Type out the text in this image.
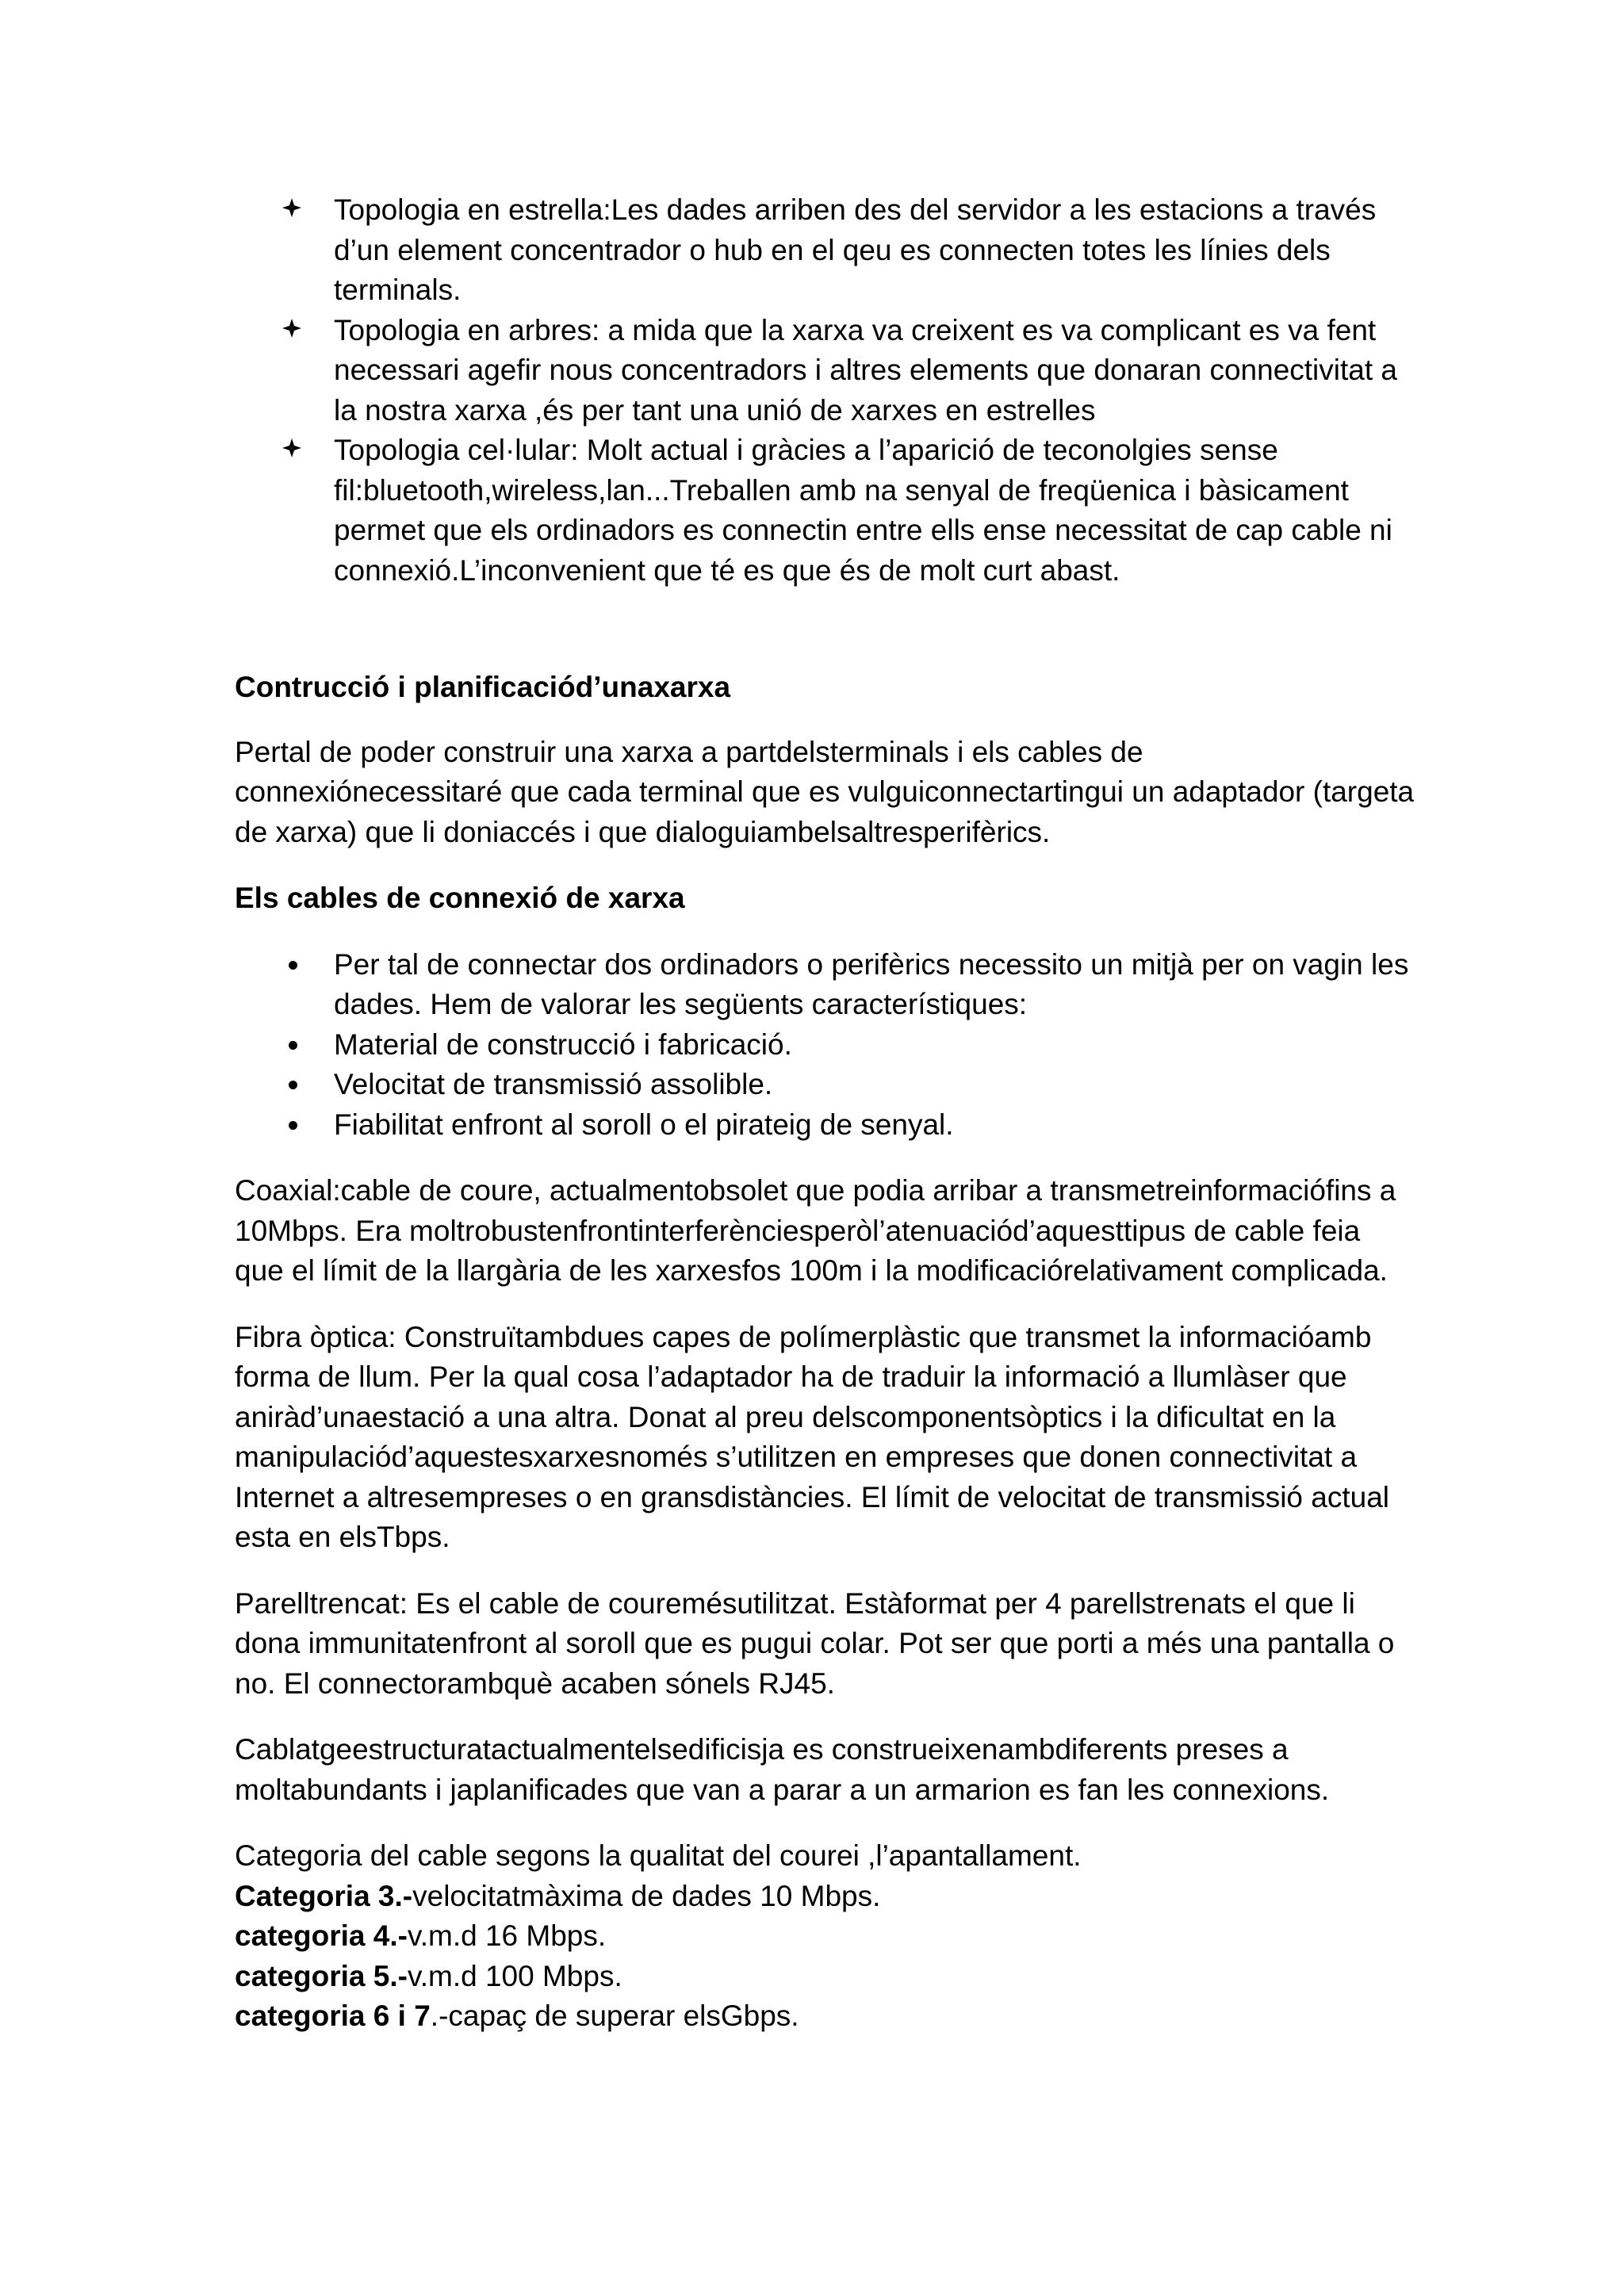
Topologia en estrella:Les dades arriben des del servidor a les estacions a través d’un element concentrador o hub en el qeu es connecten totes les línies dels terminals.
Topologia en arbres: a mida que la xarxa va creixent es va complicant es va fent necessari agefir nous concentradors i altres elements que donaran connectivitat a la nostra xarxa ,és per tant una unió de xarxes en estrelles
Topologia cel·lular: Molt actual i gràcies a l’aparició de teconolgies sense fil:bluetooth,wireless,lan...Treballen amb na senyal de freqüenica i bàsicament permet que els ordinadors es connectin entre ells ense necessitat de cap cable ni connexió.L’inconvenient que té es que és de molt curt abast.

Contrucció i planificaciód’unaxarxa

Pertal de poder construir una xarxa a partdelsterminals i els cables de connexiónecessitaré que cada terminal que es vulguiconnectartingui un adaptador (targeta de xarxa) que li doniaccés i que dialoguiambelsaltresperifèrics.

Els cables de connexió de xarxa

Per tal de connectar dos ordinadors o perifèrics necessito un mitjà per on vagin les dades. Hem de valorar les següents característiques:
Material de construcció i fabricació.
Velocitat de transmissió assolible.
Fiabilitat enfront al soroll o el pirateig de senyal.

Coaxial:cable de coure, actualmentobsolet que podia arribar a transmetreinformaciófins a 10Mbps. Era moltrobustenfrontinterferènciesperòl’atenuaciód’aquesttipus de cable feia que el límit de la llargària de les xarxesfos 100m i la modificaciórelativament complicada.

Fibra òptica: Construïtambdues capes de polímerplàstic que transmet la informacióamb forma de llum. Per la qual cosa l’adaptador ha de traduir la informació a llumlàser que aniràd’unaestació a una altra. Donat al preu delscomponentsòptics i la dificultat en la manipulaciód’aquestesxarxesnomés s’utilitzen en empreses que donen connectivitat a Internet a altresempreses o en gransdistàncies. El límit de velocitat de transmissió actual esta en elsTbps.

Parelltrencat: Es el cable de couremésutilitzat. Estàformat per 4 parellstrenats el que li dona immunitatenfront al soroll que es pugui colar. Pot ser que porti a més una pantalla o no. El connectorambquè acaben sónels RJ45.

Cablatgeestructuratactualmentelsedificisja es construeixenambdiferents preses a moltabundants i japlanificades que van a parar a un armarion es fan les connexions.

Categoria del cable segons la qualitat del courei ,l’apantallament.

Categoria 3.-velocitatmàxima de dades 10 Mbps.

categoria 4.-v.m.d 16 Mbps.

categoria 5.-v.m.d 100 Mbps.

categoria 6 i 7.-capaç de superar elsGbps.
